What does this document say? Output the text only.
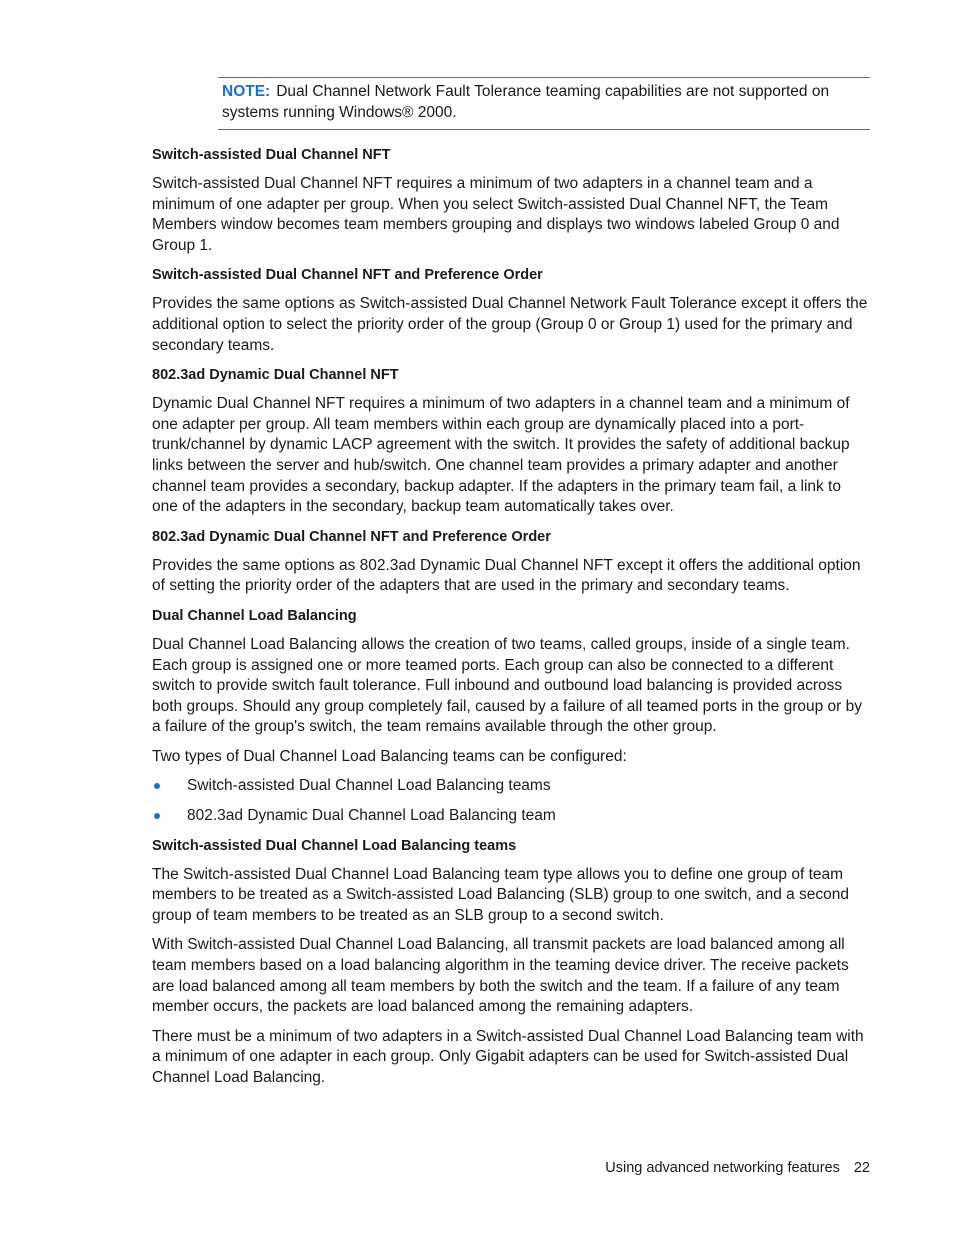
NOTE: Dual Channel Network Fault Tolerance teaming capabilities are not supported on systems running Windows® 2000.
Switch-assisted Dual Channel NFT

Switch-assisted Dual Channel NFT requires a minimum of two adapters in a channel team and a minimum of one adapter per group. When you select Switch-assisted Dual Channel NFT, the Team Members window becomes team members grouping and displays two windows labeled Group 0 and Group 1.

Switch-assisted Dual Channel NFT and Preference Order

Provides the same options as Switch-assisted Dual Channel Network Fault Tolerance except it offers the additional option to select the priority order of the group (Group 0 or Group 1) used for the primary and secondary teams.

802.3ad Dynamic Dual Channel NFT

Dynamic Dual Channel NFT requires a minimum of two adapters in a channel team and a minimum of one adapter per group. All team members within each group are dynamically placed into a port-trunk/channel by dynamic LACP agreement with the switch. It provides the safety of additional backup links between the server and hub/switch. One channel team provides a primary adapter and another channel team provides a secondary, backup adapter. If the adapters in the primary team fail, a link to one of the adapters in the secondary, backup team automatically takes over.

802.3ad Dynamic Dual Channel NFT and Preference Order

Provides the same options as 802.3ad Dynamic Dual Channel NFT except it offers the additional option of setting the priority order of the adapters that are used in the primary and secondary teams.

Dual Channel Load Balancing

Dual Channel Load Balancing allows the creation of two teams, called groups, inside of a single team. Each group is assigned one or more teamed ports. Each group can also be connected to a different switch to provide switch fault tolerance. Full inbound and outbound load balancing is provided across both groups. Should any group completely fail, caused by a failure of all teamed ports in the group or by a failure of the group's switch, the team remains available through the other group.

Two types of Dual Channel Load Balancing teams can be configured:

Switch-assisted Dual Channel Load Balancing teams
802.3ad Dynamic Dual Channel Load Balancing team
Switch-assisted Dual Channel Load Balancing teams

The Switch-assisted Dual Channel Load Balancing team type allows you to define one group of team members to be treated as a Switch-assisted Load Balancing (SLB) group to one switch, and a second group of team members to be treated as an SLB group to a second switch.

With Switch-assisted Dual Channel Load Balancing, all transmit packets are load balanced among all team members based on a load balancing algorithm in the teaming device driver. The receive packets are load balanced among all team members by both the switch and the team. If a failure of any team member occurs, the packets are load balanced among the remaining adapters.

There must be a minimum of two adapters in a Switch-assisted Dual Channel Load Balancing team with a minimum of one adapter in each group. Only Gigabit adapters can be used for Switch-assisted Dual Channel Load Balancing.

Using advanced networking features 22
